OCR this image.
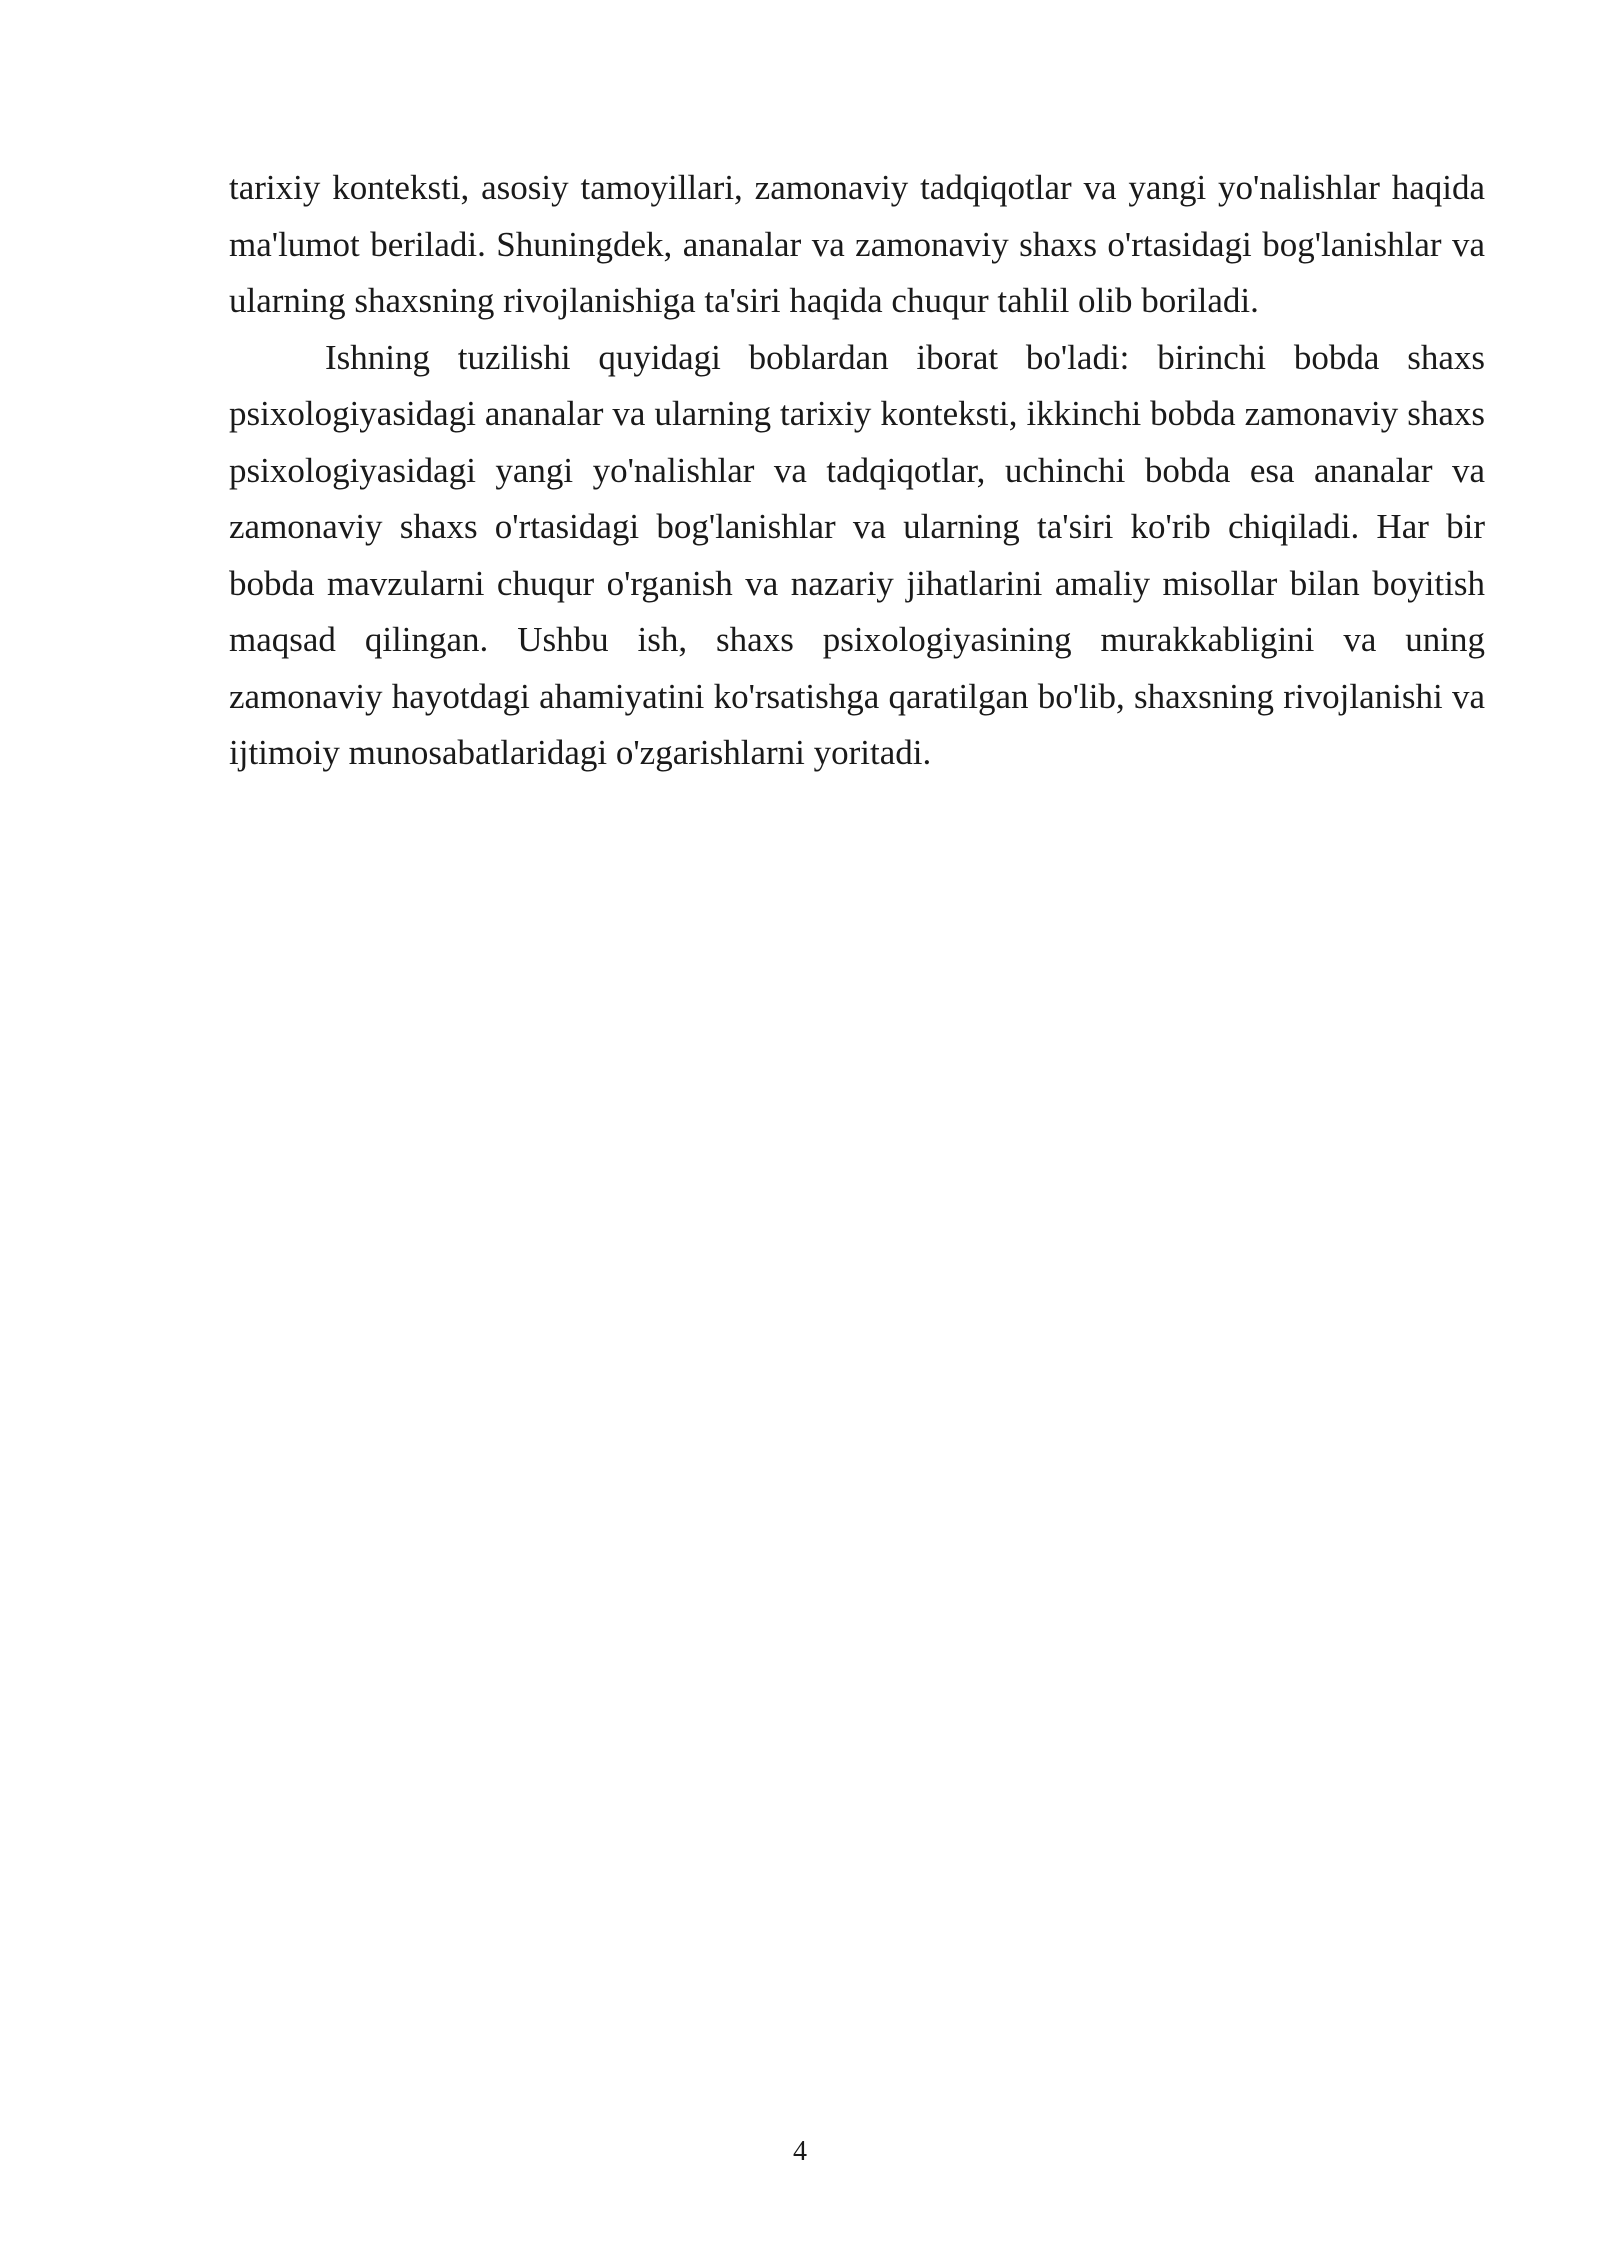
tarixiy konteksti, asosiy tamoyillari, zamonaviy tadqiqotlar va yangi yo'nalishlar haqida ma'lumot beriladi. Shuningdek, ananalar va zamonaviy shaxs o'rtasidagi bog'lanishlar va ularning shaxsning rivojlanishiga ta'siri haqida chuqur tahlil olib boriladi.

Ishning tuzilishi quyidagi boblardan iborat bo'ladi: birinchi bobda shaxs psixologiyasidagi ananalar va ularning tarixiy konteksti, ikkinchi bobda zamonaviy shaxs psixologiyasidagi yangi yo'nalishlar va tadqiqotlar, uchinchi bobda esa ananalar va zamonaviy shaxs o'rtasidagi bog'lanishlar va ularning ta'siri ko'rib chiqiladi. Har bir bobda mavzularni chuqur o'rganish va nazariy jihatlarini amaliy misollar bilan boyitish maqsad qilingan. Ushbu ish, shaxs psixologiyasining murakkabligini va uning zamonaviy hayotdagi ahamiyatini ko'rsatishga qaratilgan bo'lib, shaxsning rivojlanishi va ijtimoiy munosabatlaridagi o'zgarishlarni yoritadi.

4
